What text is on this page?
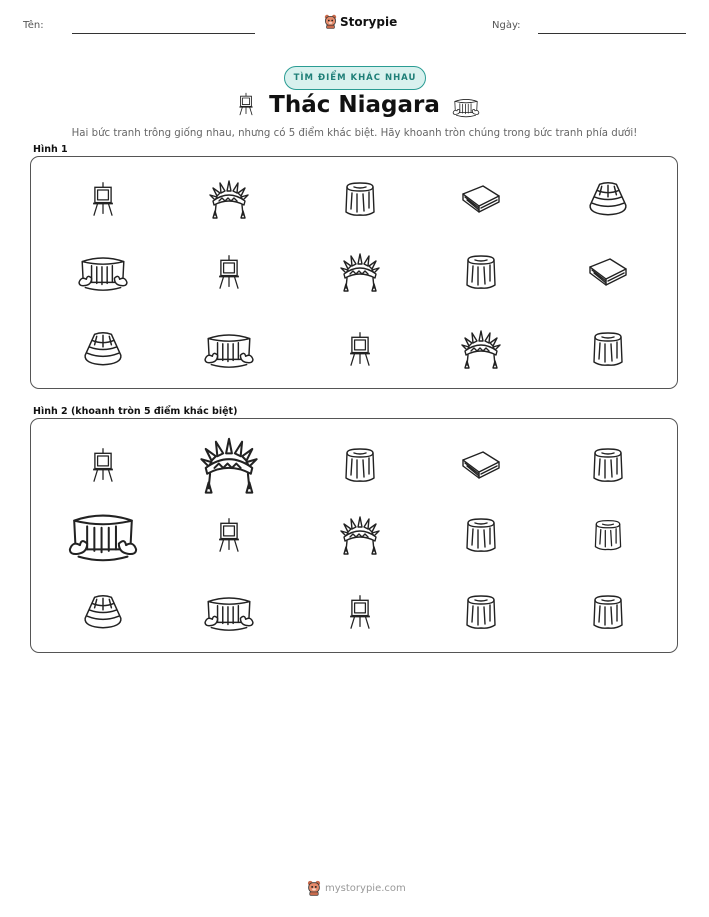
Tên:	Storypie	Ngày:
TÌM ĐIỂM KHÁC NHAU
Thác Niagara
Hai bức tranh trông giống nhau, nhưng có 5 điểm khác biệt. Hãy khoanh tròn chúng trong bức tranh phía dưới!
Hình 1
Hình 2 (khoanh tròn 5 điểm khác biệt)
mystorypie.com
